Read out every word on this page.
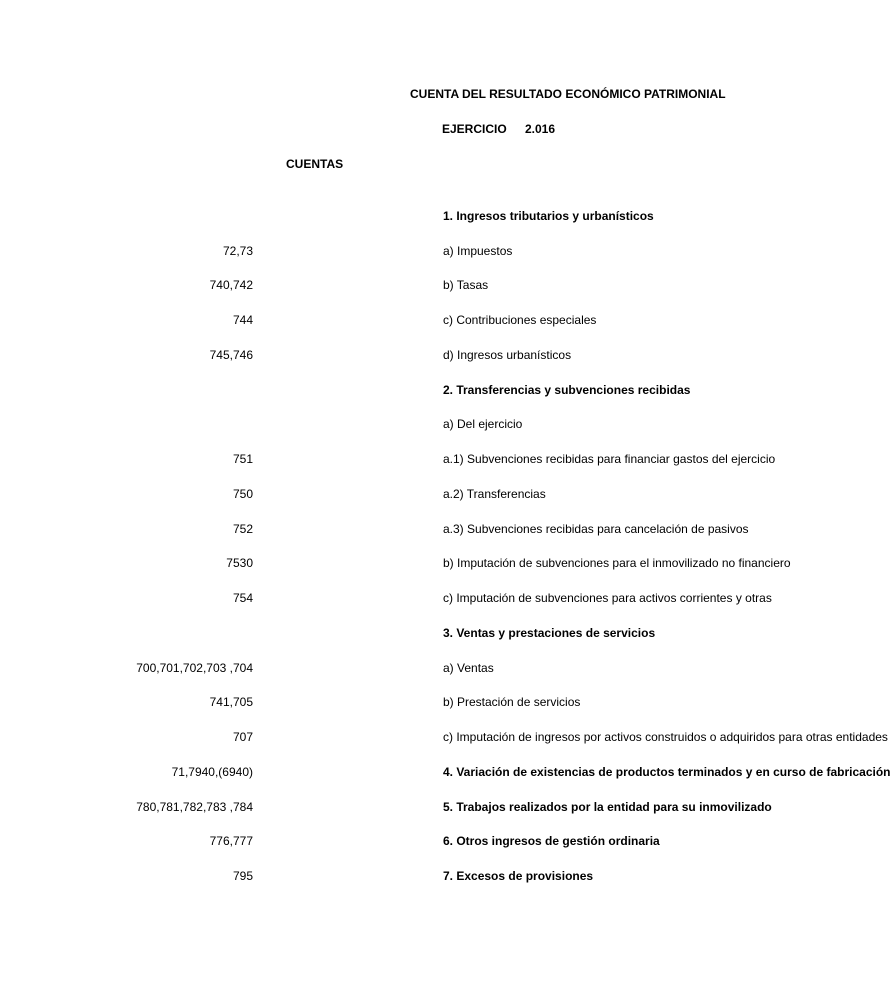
CUENTA DEL RESULTADO ECONÓMICO PATRIMONIAL
EJERCICIO 2.016
CUENTAS
1. Ingresos tributarios y urbanísticos
72,73	a) Impuestos
740,742	b) Tasas
744	c) Contribuciones especiales
745,746	d) Ingresos urbanísticos
2. Transferencias y subvenciones recibidas
a) Del ejercicio
751	a.1) Subvenciones recibidas para financiar gastos del ejercicio
750	a.2) Transferencias
752	a.3) Subvenciones recibidas para cancelación de pasivos
7530	b) Imputación de subvenciones para el inmovilizado no financiero
754	c) Imputación de subvenciones para activos corrientes y otras
3. Ventas y prestaciones de servicios
700,701,702,703 ,704	a) Ventas
741,705	b) Prestación de servicios
707	c) Imputación de ingresos por activos construidos o adquiridos para otras entidades
71,7940,(6940)	4. Variación de existencias de productos terminados y en curso de fabricación
780,781,782,783 ,784	5. Trabajos realizados por la entidad para su inmovilizado
776,777	6. Otros ingresos de gestión ordinaria
795	7. Excesos de provisiones
